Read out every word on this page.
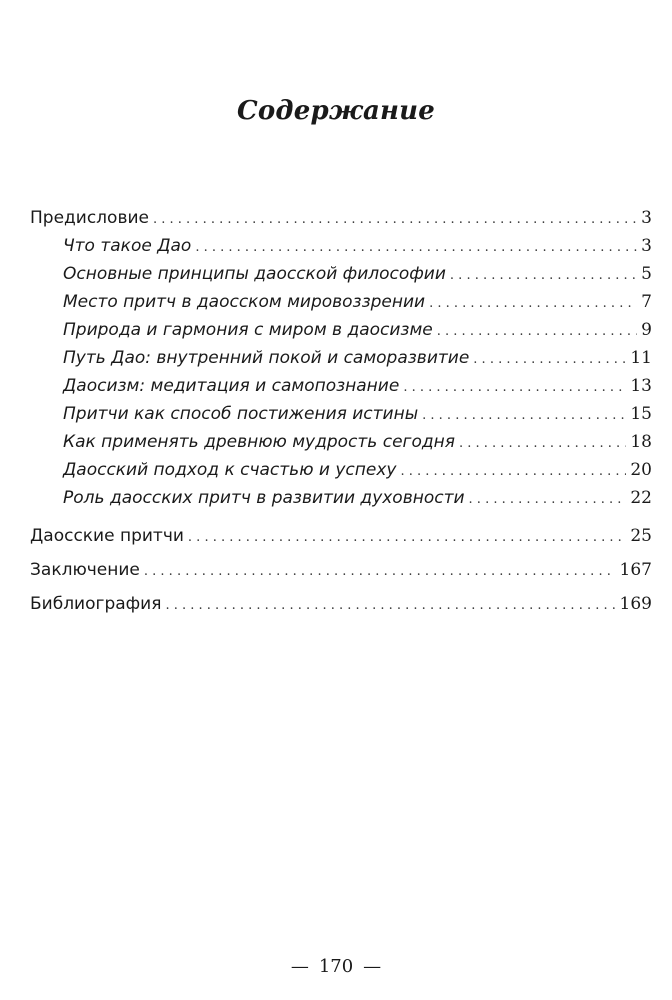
Содержание
Предисловие . . .	3
Что такое Дао . . .	3
Основные принципы даосской философии . . .	5
Место притч в даосском мировоззрении . . .	7
Природа и гармония с миром в даосизме . . .	9
Путь Дао: внутренний покой и саморазвитие . . .	11
Даосизм: медитация и самопознание . . .	13
Притчи как способ постижения истины . . .	15
Как применять древнюю мудрость сегодня . . .	18
Даосский подход к счастью и успеху . . .	20
Роль даосских притч в развитии духовности . . .	22
Даосские притчи . . .	25
Заключение . . .	167
Библиография . . .	169

— 170 —
